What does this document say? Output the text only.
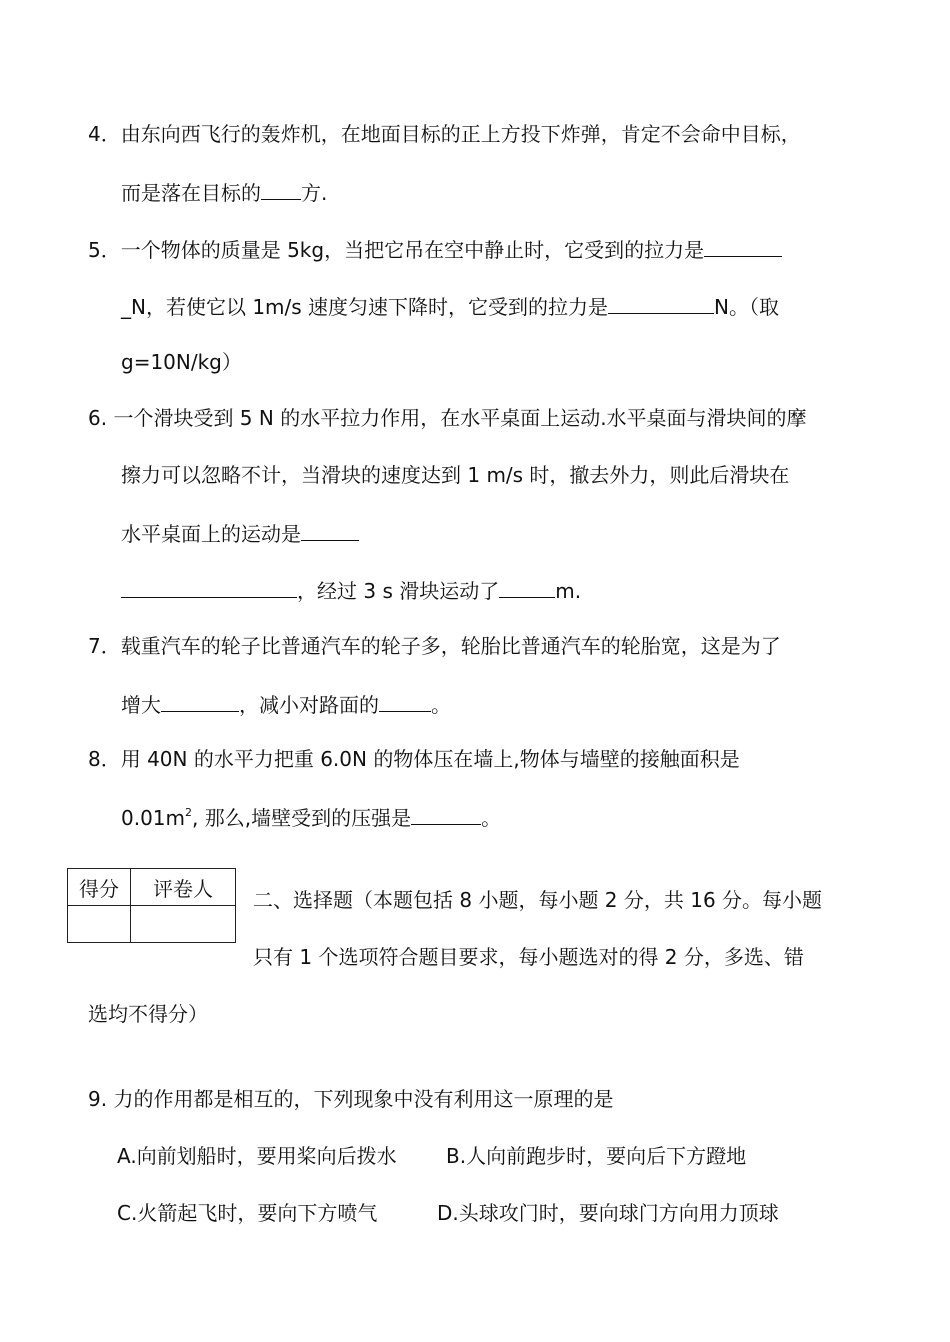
4．由东向西飞行的轰炸机，在地面目标的正上方投下炸弹，肯定不会命中目标，
而是落在目标的 方.
5．一个物体的质量是 5kg，当把它吊在空中静止时，它受到的拉力是
_N，若使它以 1m/s 速度匀速下降时，它受到的拉力是	N。（取
g=10N/kg）
6. 一个滑块受到 5 N 的水平拉力作用，在水平桌面上运动.水平桌面与滑块间的摩
擦力可以忽略不计，当滑块的速度达到 1 m/s 时，撤去外力，则此后滑块在
水平桌面上的运动是
，经过 3 s 滑块运动了	m.
7．载重汽车的轮子比普通汽车的轮子多，轮胎比普通汽车的轮胎宽，这是为了
增大	，减小对路面的	。
8．用 40N 的水平力把重 6.0N 的物体压在墙上,物体与墙壁的接触面积是
$0.01m^2$, 那么,墙壁受到的压强是	。
得分	评卷人
	二、选择题（本题包括 8 小题，每小题 2 分，共 16 分。每小题
只有 1 个选项符合题目要求，每小题选对的得 2 分，多选、错
选均不得分）
9. 力的作用都是相互的，下列现象中没有利用这一原理的是
A.向前划船时，要用桨向后拨水 B.人向前跑步时，要向后下方蹬地
C.火箭起飞时，要向下方喷气	D.头球攻门时，要向球门方向用力顶球
